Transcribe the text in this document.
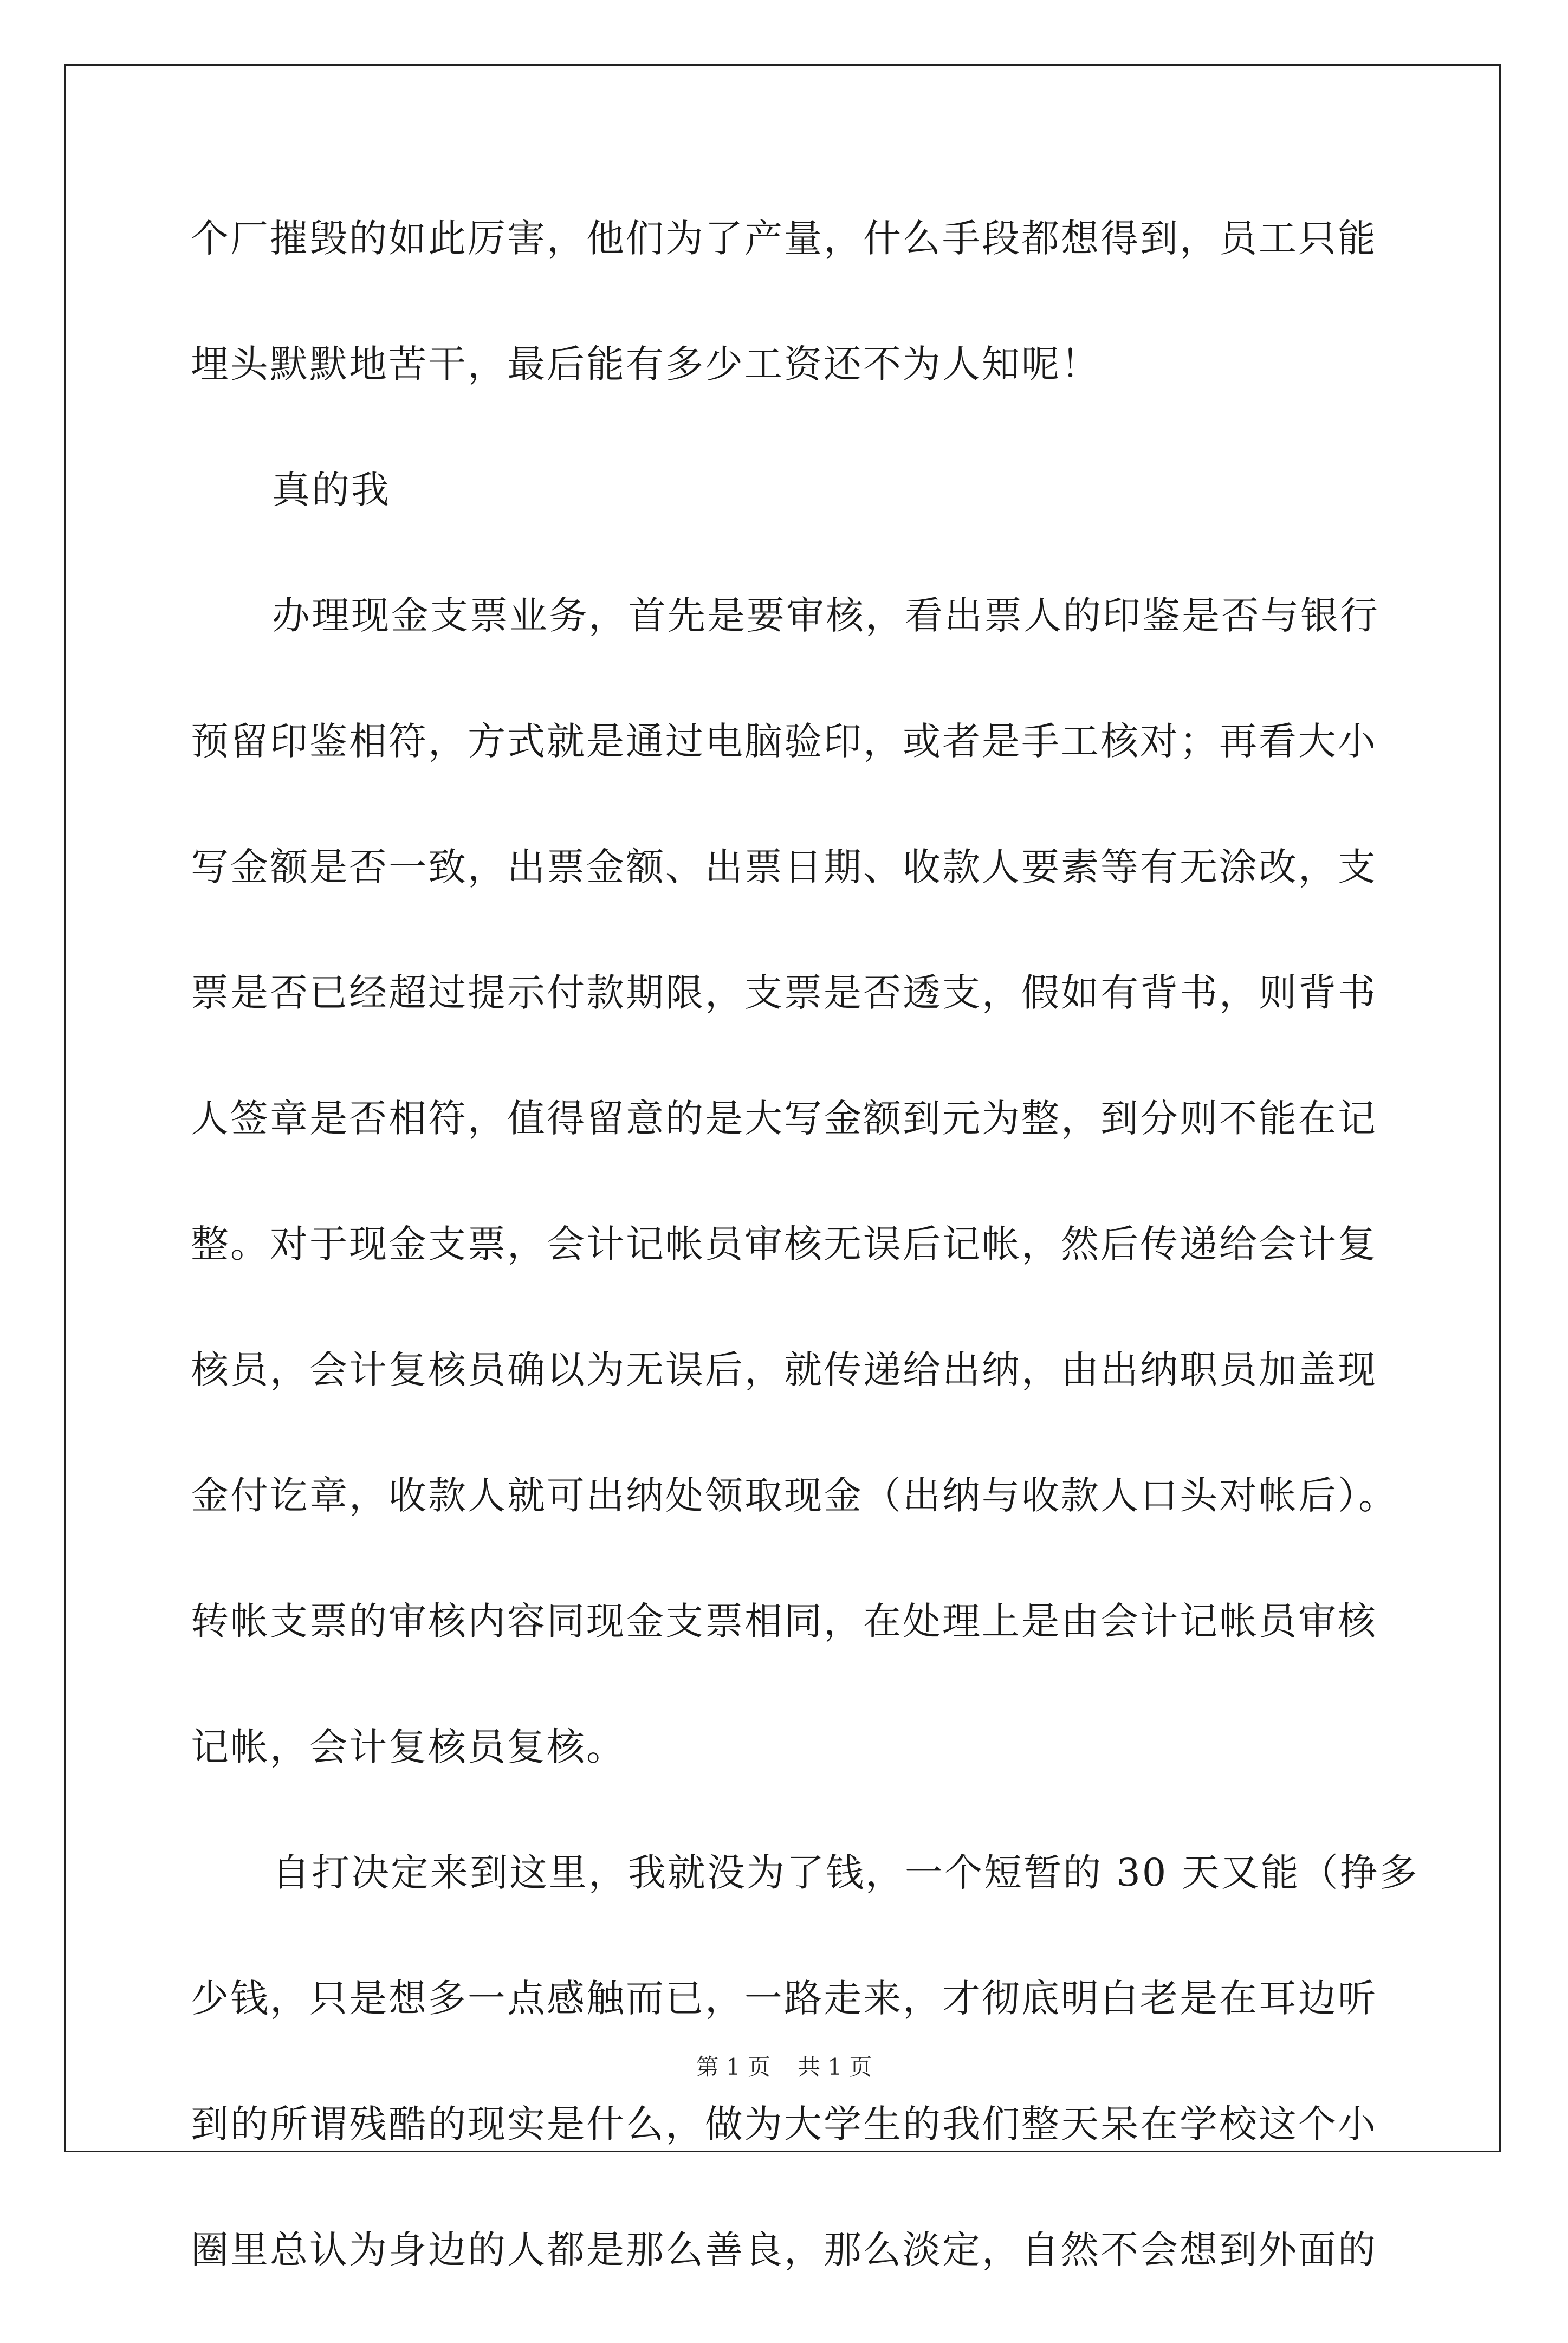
个厂摧毁的如此厉害，他们为了产量，什么手段都想得到，员工只能
埋头默默地苦干，最后能有多少工资还不为人知呢！
真的我
办理现金支票业务，首先是要审核，看出票人的印鉴是否与银行
预留印鉴相符，方式就是通过电脑验印，或者是手工核对；再看大小
写金额是否一致，出票金额、出票日期、收款人要素等有无涂改，支
票是否已经超过提示付款期限，支票是否透支，假如有背书，则背书
人签章是否相符，值得留意的是大写金额到元为整，到分则不能在记
整。对于现金支票，会计记帐员审核无误后记帐，然后传递给会计复
核员，会计复核员确以为无误后，就传递给出纳，由出纳职员加盖现
金付讫章，收款人就可出纳处领取现金（出纳与收款人口头对帐后）。
转帐支票的审核内容同现金支票相同，在处理上是由会计记帐员审核
记帐，会计复核员复核。
自打决定来到这里，我就没为了钱，一个短暂的 30 天又能（挣多
少钱，只是想多一点感触而已，一路走来，才彻底明白老是在耳边听
到的所谓残酷的现实是什么，做为大学生的我们整天呆在学校这个小
圈里总认为身边的人都是那么善良，那么淡定，自然不会想到外面的
第 1 页 共 1 页
